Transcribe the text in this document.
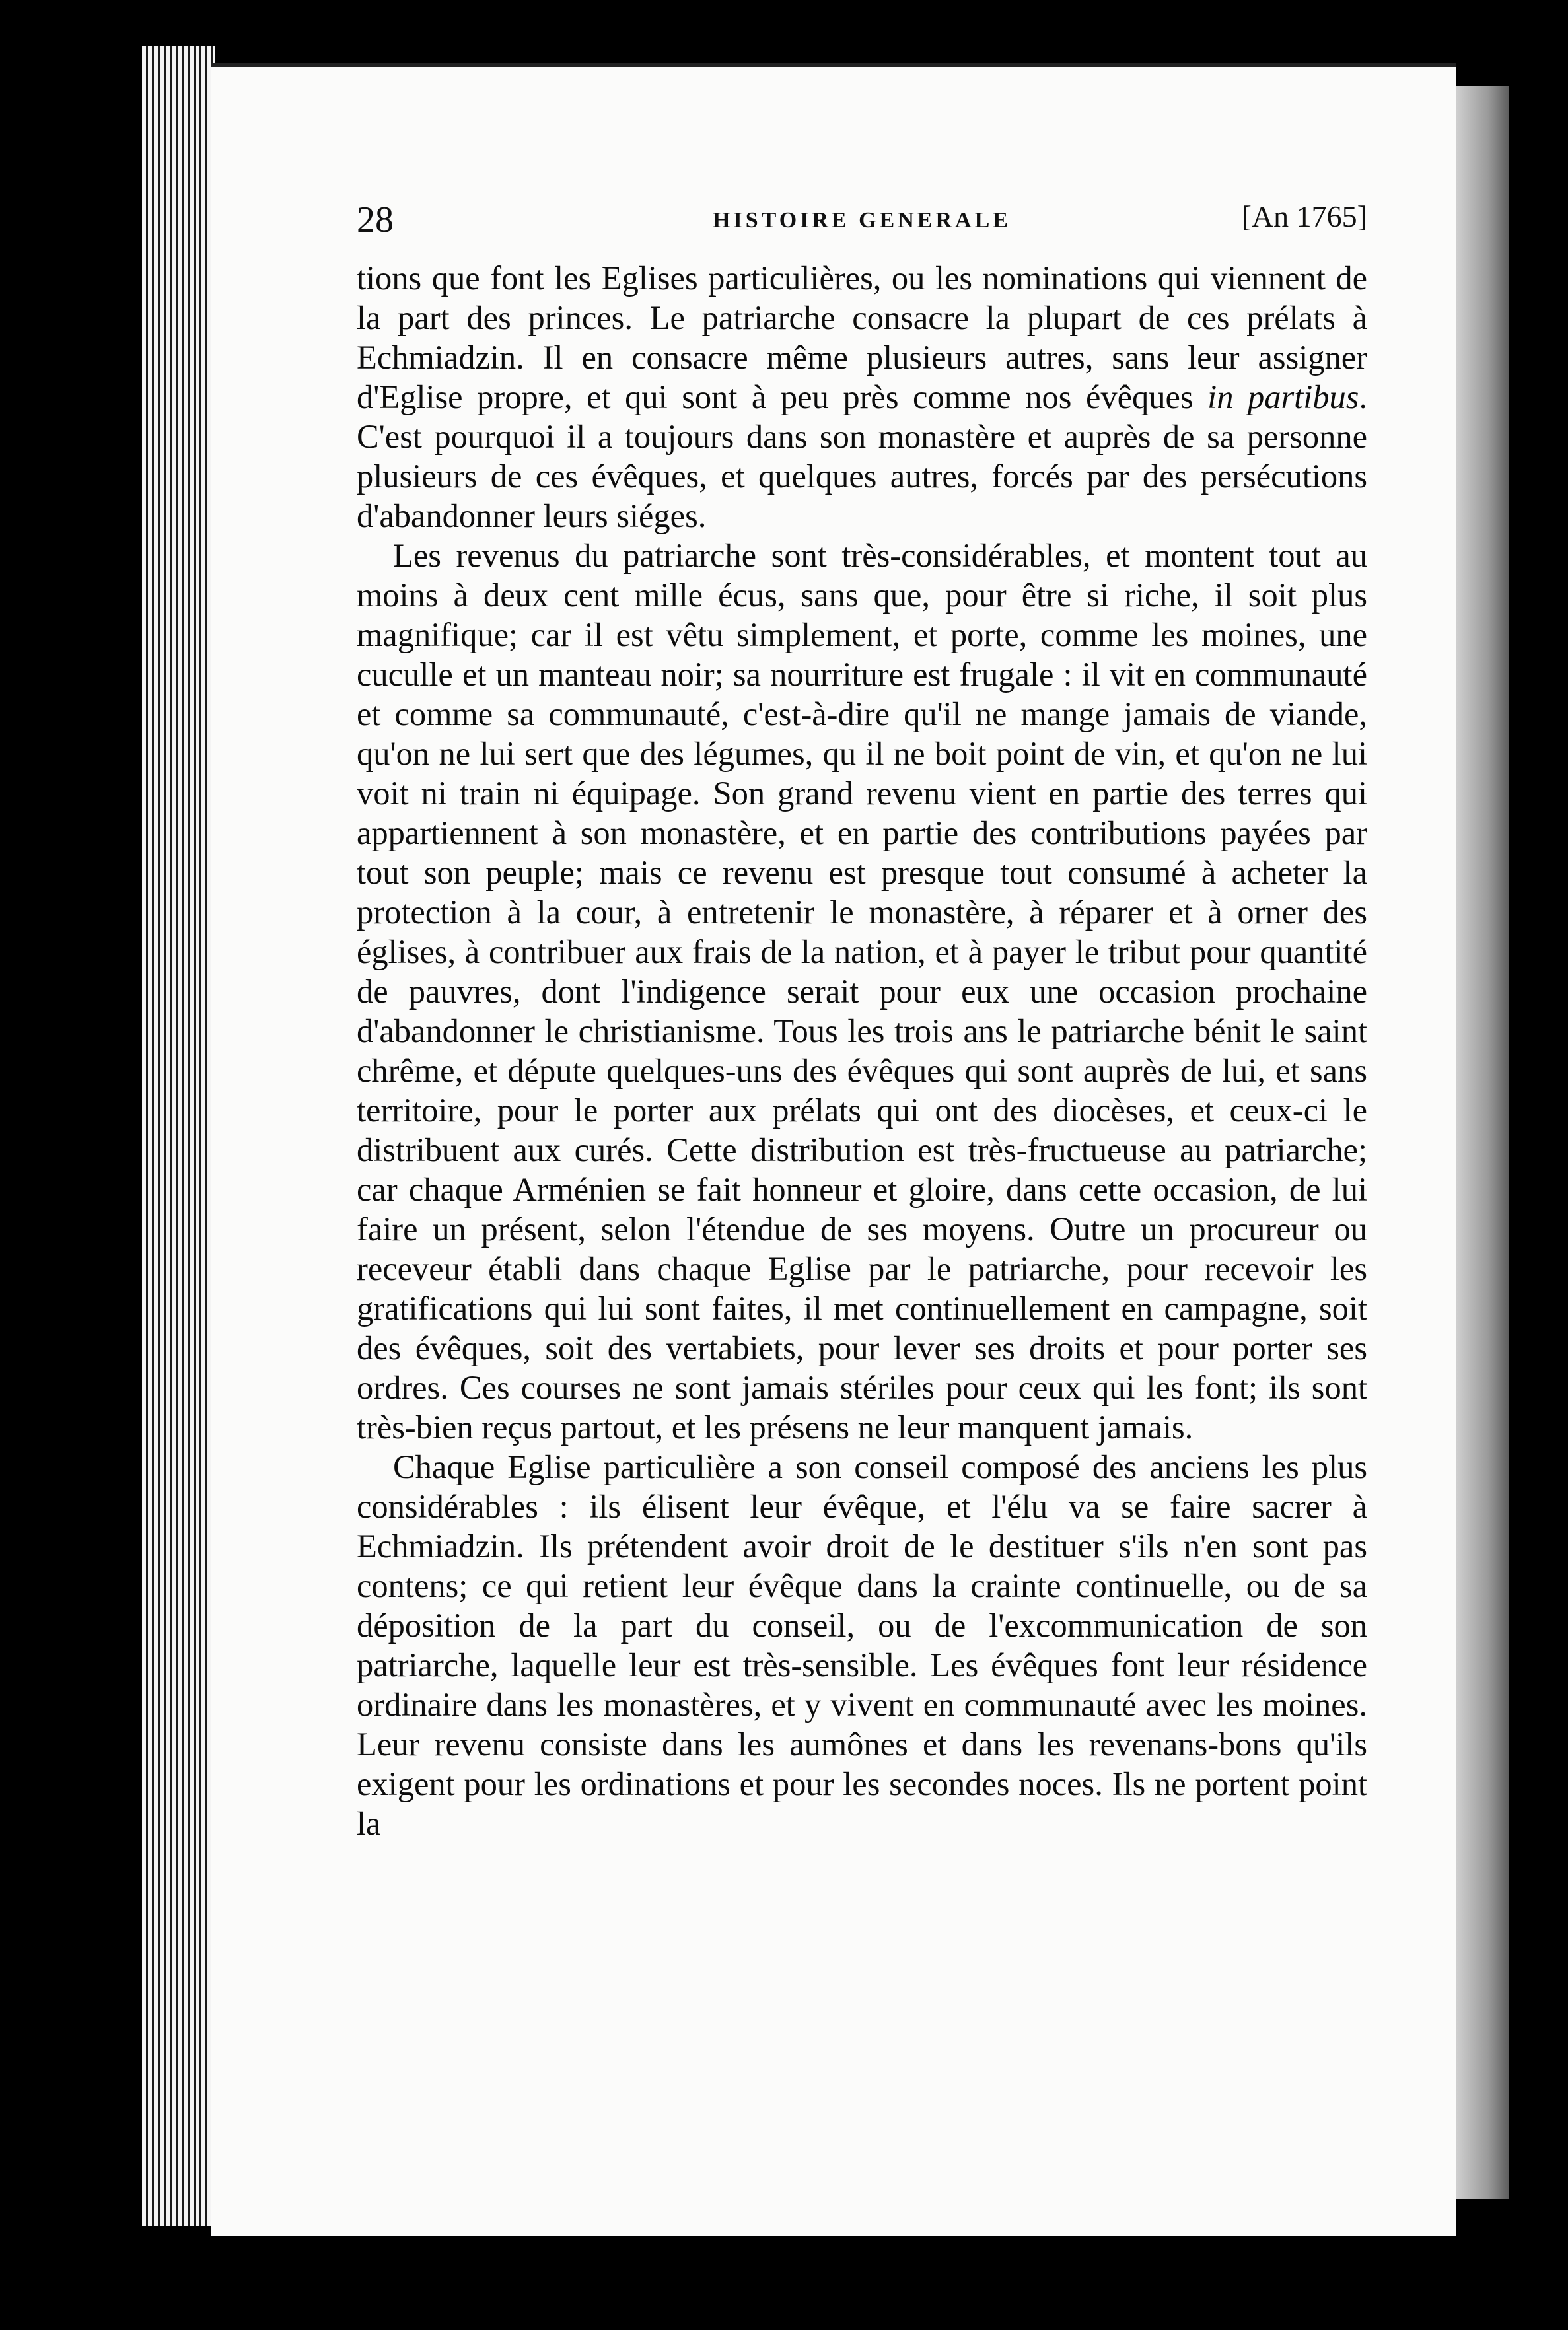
28	HISTOIRE GENERALE	[An 1765]

tions que font les Eglises particulières, ou les nominations qui viennent de la part des princes. Le patriarche consacre la plupart de ces prélats à Echmiadzin. Il en consacre même plusieurs autres, sans leur assigner d'Eglise propre, et qui sont à peu près comme nos évêques in partibus. C'est pourquoi il a toujours dans son monastère et auprès de sa personne plusieurs de ces évêques, et quelques autres, forcés par des persécutions d'abandonner leurs siéges.

Les revenus du patriarche sont très-considérables, et montent tout au moins à deux cent mille écus, sans que, pour être si riche, il soit plus magnifique; car il est vêtu simplement, et porte, comme les moines, une cuculle et un manteau noir; sa nourriture est frugale : il vit en communauté et comme sa communauté, c'est-à-dire qu'il ne mange jamais de viande, qu'on ne lui sert que des légumes, qu il ne boit point de vin, et qu'on ne lui voit ni train ni équipage. Son grand revenu vient en partie des terres qui appartiennent à son monastère, et en partie des contributions payées par tout son peuple; mais ce revenu est presque tout consumé à acheter la protection à la cour, à entretenir le monastère, à réparer et à orner des églises, à contribuer aux frais de la nation, et à payer le tribut pour quantité de pauvres, dont l'indigence serait pour eux une occasion prochaine d'abandonner le christianisme. Tous les trois ans le patriarche bénit le saint chrême, et députe quelques-uns des évêques qui sont auprès de lui, et sans territoire, pour le porter aux prélats qui ont des diocèses, et ceux-ci le distribuent aux curés. Cette distribution est très-fructueuse au patriarche; car chaque Arménien se fait honneur et gloire, dans cette occasion, de lui faire un présent, selon l'étendue de ses moyens. Outre un procureur ou receveur établi dans chaque Eglise par le patriarche, pour recevoir les gratifications qui lui sont faites, il met continuellement en campagne, soit des évêques, soit des vertabiets, pour lever ses droits et pour porter ses ordres. Ces courses ne sont jamais stériles pour ceux qui les font; ils sont très-bien reçus partout, et les présens ne leur manquent jamais.

Chaque Eglise particulière a son conseil composé des anciens les plus considérables : ils élisent leur évêque, et l'élu va se faire sacrer à Echmiadzin. Ils prétendent avoir droit de le destituer s'ils n'en sont pas contens; ce qui retient leur évêque dans la crainte continuelle, ou de sa déposition de la part du conseil, ou de l'excommunication de son patriarche, laquelle leur est très-sensible. Les évêques font leur résidence ordinaire dans les monastères, et y vivent en communauté avec les moines. Leur revenu consiste dans les aumônes et dans les revenans-bons qu'ils exigent pour les ordinations et pour les secondes noces. Ils ne portent point la
